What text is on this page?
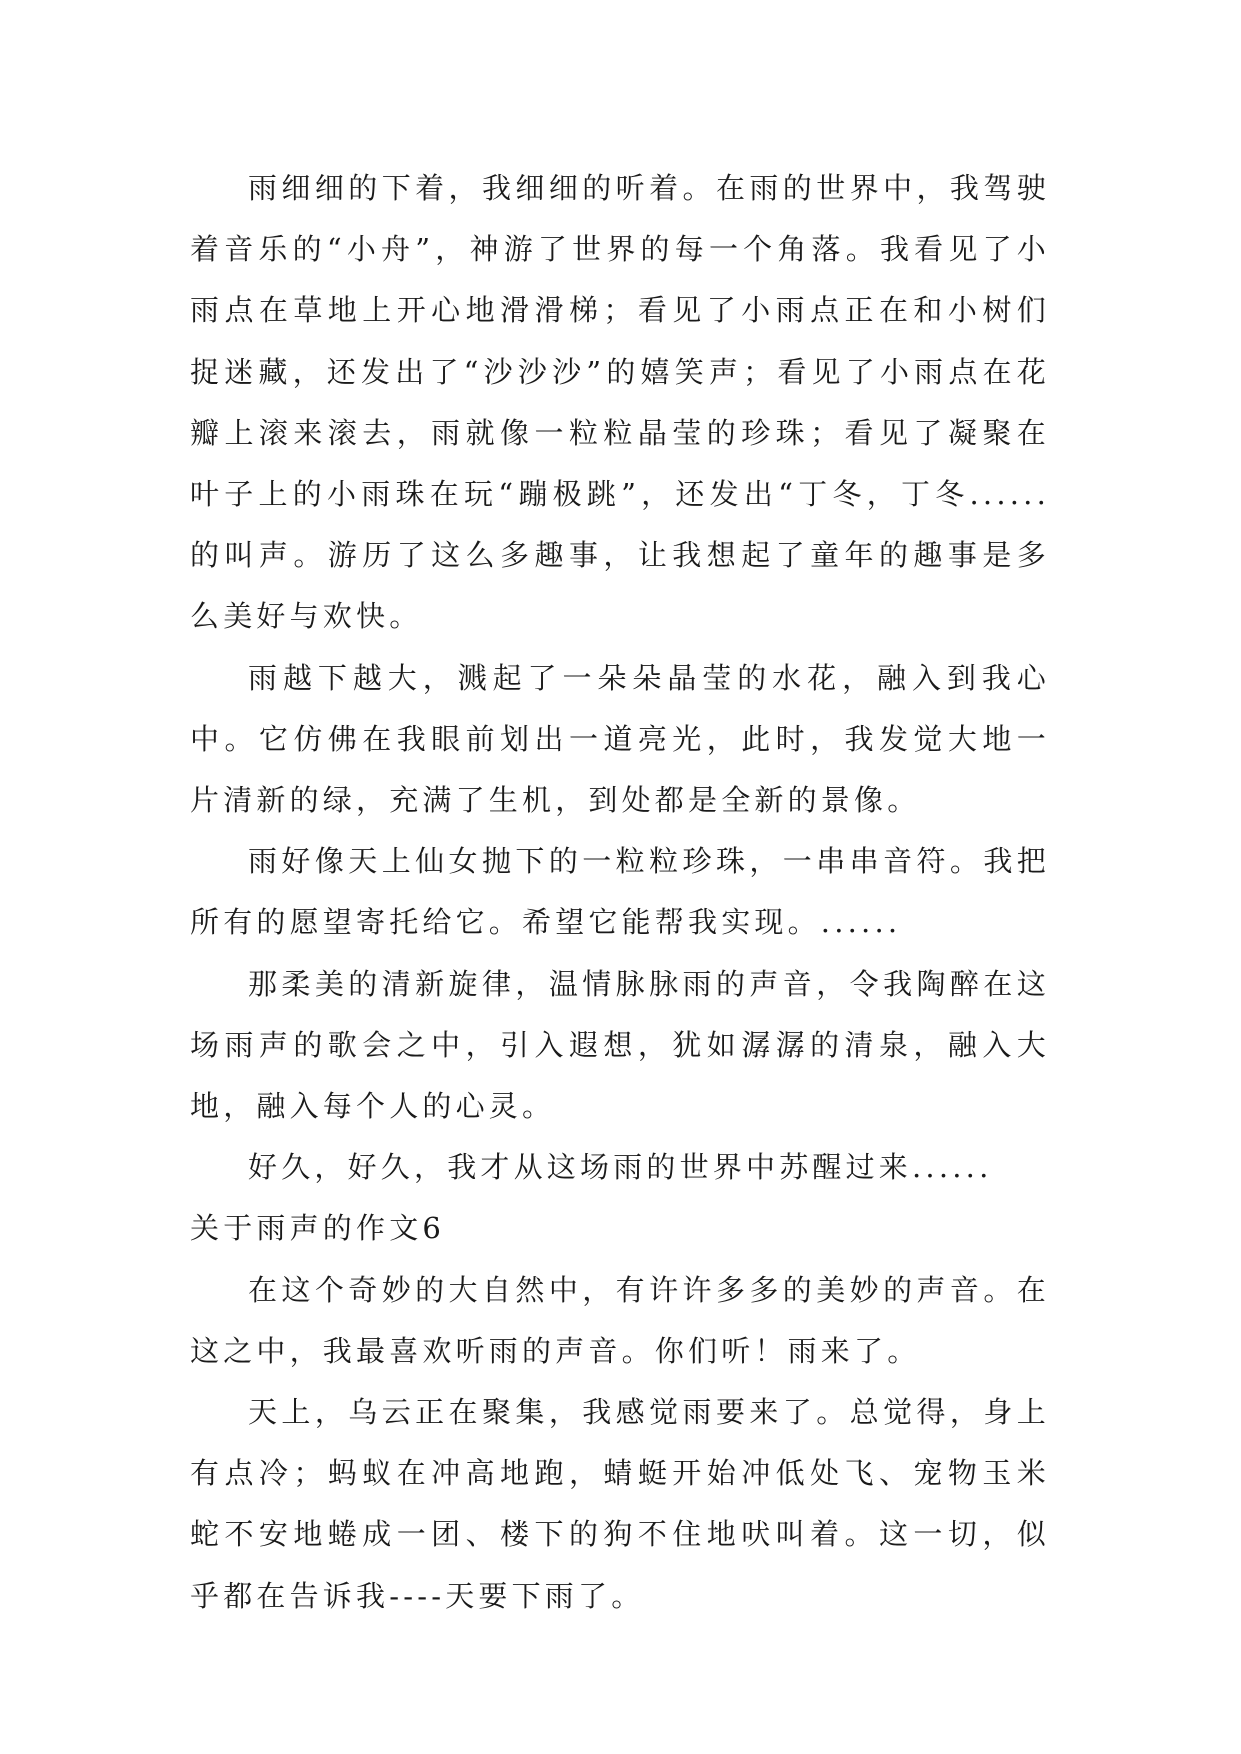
雨细细的下着，我细细的听着。在雨的世界中，我驾驶着音乐的“小舟”，神游了世界的每一个角落。我看见了小雨点在草地上开心地滑滑梯；看见了小雨点正在和小树们捉迷藏，还发出了“沙沙沙”的嬉笑声；看见了小雨点在花瓣上滚来滚去，雨就像一粒粒晶莹的珍珠；看见了凝聚在叶子上的小雨珠在玩“蹦极跳”，还发出“丁冬，丁冬......的叫声。游历了这么多趣事，让我想起了童年的趣事是多么美好与欢快。

雨越下越大，溅起了一朵朵晶莹的水花，融入到我心中。它仿佛在我眼前划出一道亮光，此时，我发觉大地一片清新的绿，充满了生机，到处都是全新的景像。

雨好像天上仙女抛下的一粒粒珍珠，一串串音符。我把所有的愿望寄托给它。希望它能帮我实现。......

那柔美的清新旋律，温情脉脉雨的声音，令我陶醉在这场雨声的歌会之中，引入遐想，犹如潺潺的清泉，融入大地，融入每个人的心灵。

好久，好久，我才从这场雨的世界中苏醒过来......

关于雨声的作文6

在这个奇妙的大自然中，有许许多多的美妙的声音。在这之中，我最喜欢听雨的声音。你们听！雨来了。

天上，乌云正在聚集，我感觉雨要来了。总觉得，身上有点冷；蚂蚁在冲高地跑，蜻蜓开始冲低处飞、宠物玉米蛇不安地蜷成一团、楼下的狗不住地吠叫着。这一切，似乎都在告诉我----天要下雨了。
